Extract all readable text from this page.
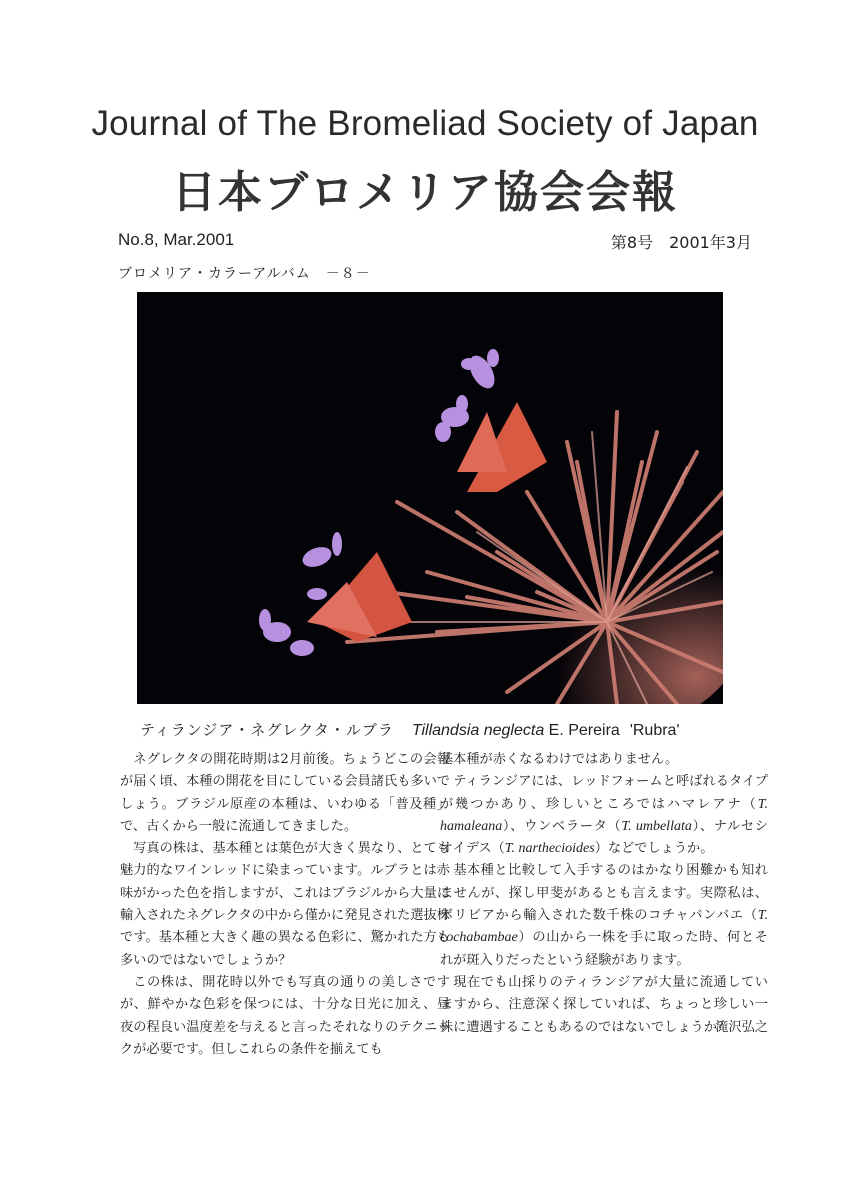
Journal of The Bromeliad Society of Japan
日本ブロメリア協会会報
No.8, Mar.2001	第8号　2001年3月
ブロメリア・カラーアルバム　－８－
ティランジア・ネグレクタ・ルブラ Tillandsia neglecta E. Pereira 'Rubra'

ネグレクタの開花時期は2月前後。ちょうどこの会報が届く頃、本種の開花を目にしている会員諸氏も多いでしょう。ブラジル原産の本種は、いわゆる「普及種」で、古くから一般に流通してきました。

写真の株は、基本種とは葉色が大きく異なり、とても魅力的なワインレッドに染まっています。ルブラとは赤味がかった色を指しますが、これはブラジルから大量に輸入されたネグレクタの中から僅かに発見された選抜株です。基本種と大きく趣の異なる色彩に、驚かれた方も多いのではないでしょうか？

この株は、開花時以外でも写真の通りの美しさですが、鮮やかな色彩を保つには、十分な日光に加え、昼夜の程良い温度差を与えると言ったそれなりのテクニックが必要です。但しこれらの条件を揃えても

基本種が赤くなるわけではありません。

ティランジアには、レッドフォームと呼ばれるタイプが幾つかあり、珍しいところではハマレアナ（T. hamaleana）、ウンベラータ（T. umbellata）、ナルセシオイデス（T. narthecioides）などでしょうか。

基本種と比較して入手するのはかなり困難かも知れませんが、探し甲斐があるとも言えます。実際私は、ボリビアから輸入された数千株のコチャバンバエ（T. cochabambae）の山から一株を手に取った時、何とそれが斑入りだったという経験があります。

現在でも山採りのティランジアが大量に流通していますから、注意深く探していれば、ちょっと珍しい一株に遭遇することもあるのではないでしょうか？

滝沢弘之
